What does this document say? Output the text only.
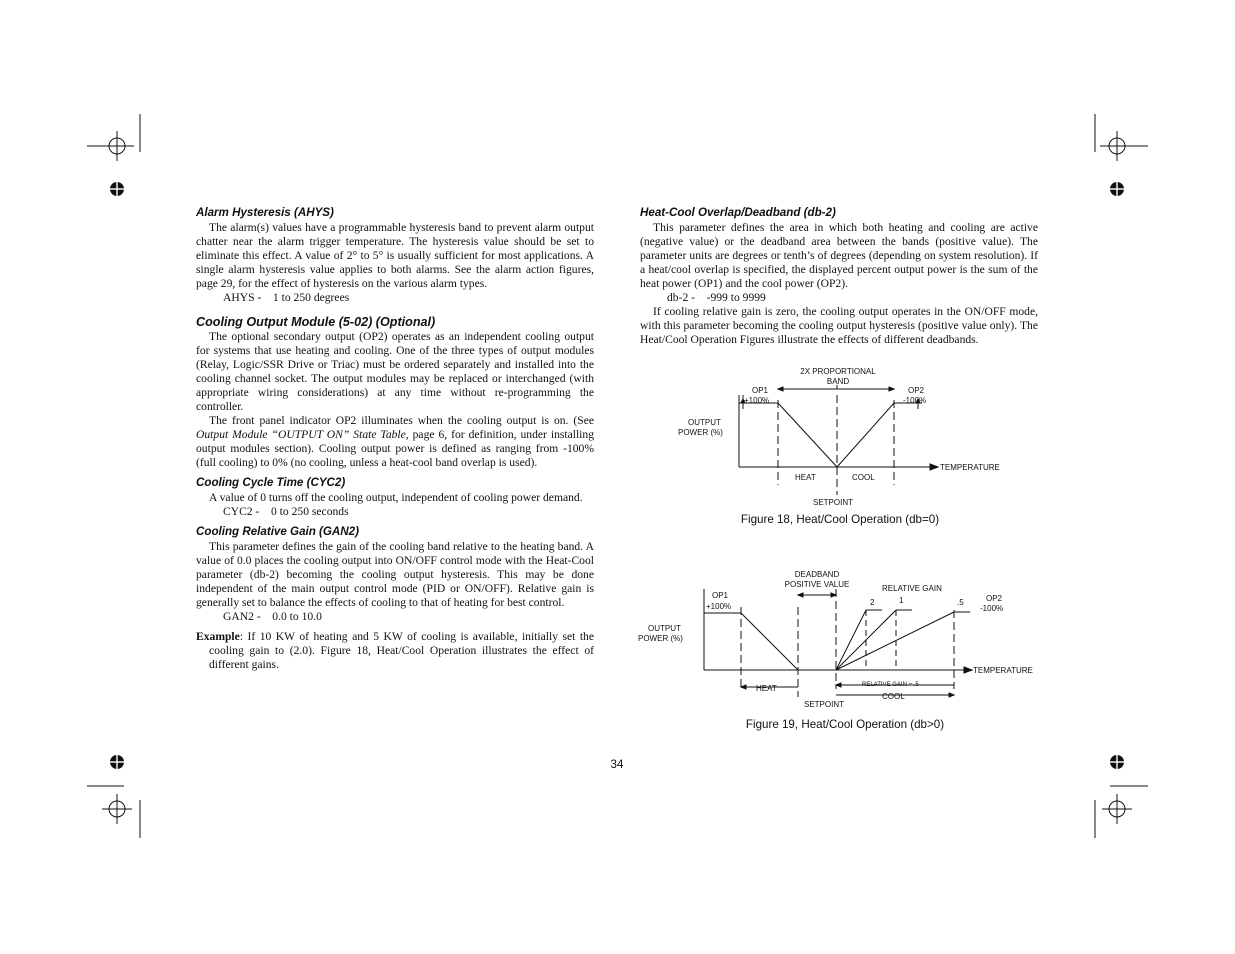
Alarm Hysteresis (AHYS)

The alarm(s) values have a programmable hysteresis band to prevent alarm output chatter near the alarm trigger temperature. The hysteresis value should be set to eliminate this effect. A value of 2° to 5° is usually sufficient for most applications. A single alarm hysteresis value applies to both alarms. See the alarm action figures, page 29, for the effect of hysteresis on the various alarm types.

AHYS -    1 to 250 degrees

Cooling Output Module (5-02) (Optional)

The optional secondary output (OP2) operates as an independent cooling output for systems that use heating and cooling. One of the three types of output modules (Relay, Logic/SSR Drive or Triac) must be ordered separately and installed into the cooling channel socket. The output modules may be replaced or interchanged (with appropriate wiring considerations) at any time without re-programming the controller.

The front panel indicator OP2 illuminates when the cooling output is on. (See Output Module “OUTPUT ON” State Table, page 6, for definition, under installing output modules section). Cooling output power is defined as ranging from -100% (full cooling) to 0% (no cooling, unless a heat-cool band overlap is used).

Cooling Cycle Time (CYC2)

A value of 0 turns off the cooling output, independent of cooling power demand.

CYC2 -    0 to 250 seconds

Cooling Relative Gain (GAN2)

This parameter defines the gain of the cooling band relative to the heating band. A value of 0.0 places the cooling output into ON/OFF control mode with the Heat-Cool parameter (db-2) becoming the cooling output hysteresis. This may be done independent of the main output control mode (PID or ON/OFF). Relative gain is generally set to balance the effects of cooling to that of heating for best control.

GAN2 -    0.0 to 10.0

Example: If 10 KW of heating and 5 KW of cooling is available, initially set the cooling gain to (2.0). Figure 18, Heat/Cool Operation illustrates the effect of different gains.

Heat-Cool Overlap/Deadband (db-2)

This parameter defines the area in which both heating and cooling are active (negative value) or the deadband area between the bands (positive value). The parameter units are degrees or tenth’s of degrees (depending on system resolution). If a heat/cool overlap is specified, the displayed percent output power is the sum of the heat power (OP1) and the cool power (OP2).

db-2 -    -999 to 9999

If cooling relative gain is zero, the cooling output operates in the ON/OFF mode, with this parameter becoming the cooling output hysteresis (positive value only). The Heat/Cool Operation Figures illustrate the effects of different deadbands.

2X PROPORTIONAL
BAND
OP1
+100%
OP2
-100%
OUTPUT
POWER (%)
HEAT	COOL
TEMPERATURE
SETPOINT
Figure 18, Heat/Cool Operation (db=0)
DEADBAND
POSITIVE VALUE	RELATIVE GAIN
2	1	.5
OP1
+100%
OP2
-100%
OUTPUT
POWER (%)
TEMPERATURE
HEAT	RELATIVE GAIN = .5
COOL
SETPOINT
Figure 19, Heat/Cool Operation (db>0)
34
